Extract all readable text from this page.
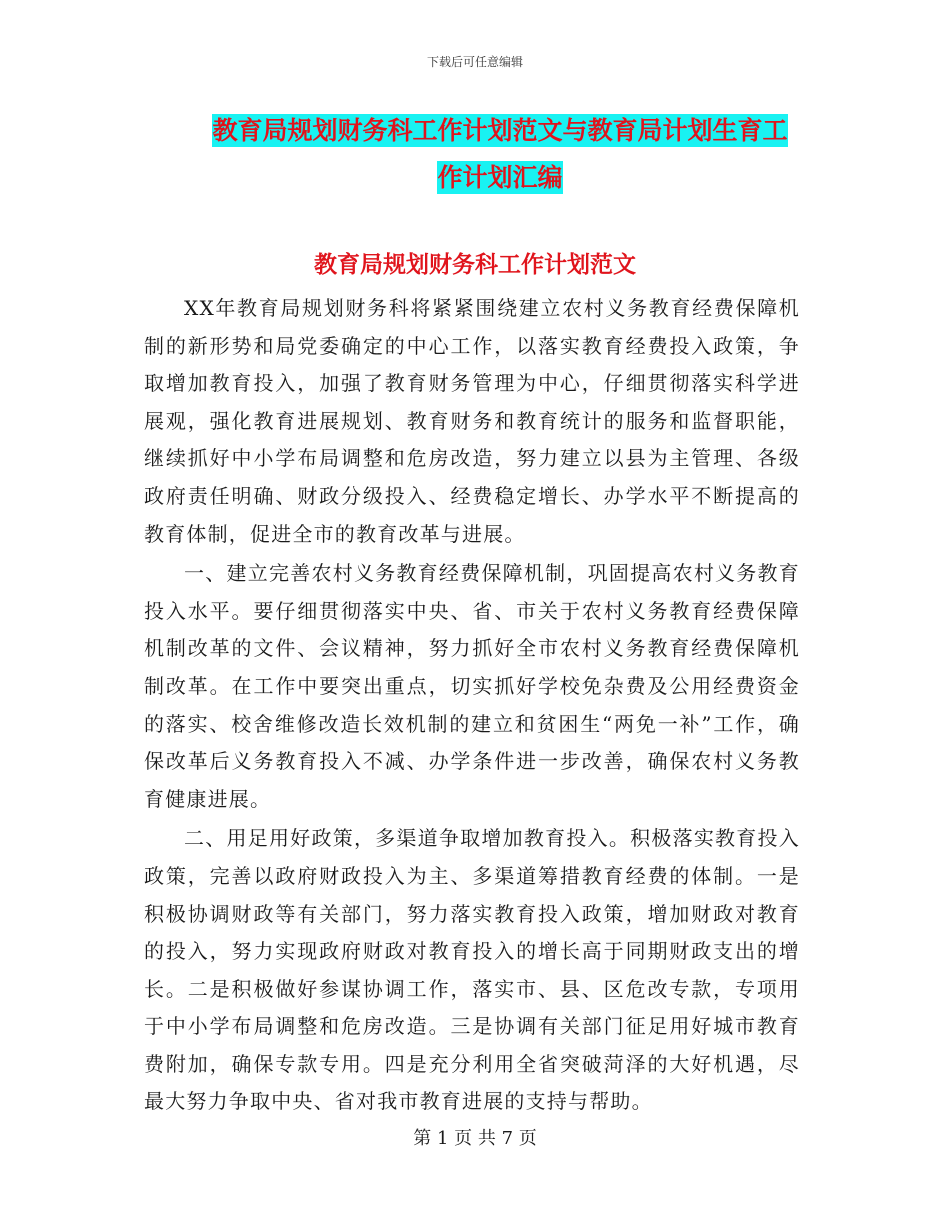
下载后可任意编辑
教育局规划财务科工作计划范文与教育局计划生育工
作计划汇编
教育局规划财务科工作计划范文

XX年教育局规划财务科将紧紧围绕建立农村义务教育经费保障机制的新形势和局党委确定的中心工作，以落实教育经费投入政策，争取增加教育投入，加强了教育财务管理为中心，仔细贯彻落实科学进展观，强化教育进展规划、教育财务和教育统计的服务和监督职能，继续抓好中小学布局调整和危房改造，努力建立以县为主管理、各级政府责任明确、财政分级投入、经费稳定增长、办学水平不断提高的教育体制，促进全市的教育改革与进展。

一、建立完善农村义务教育经费保障机制，巩固提高农村义务教育投入水平。要仔细贯彻落实中央、省、市关于农村义务教育经费保障机制改革的文件、会议精神，努力抓好全市农村义务教育经费保障机制改革。在工作中要突出重点，切实抓好学校免杂费及公用经费资金的落实、校舍维修改造长效机制的建立和贫困生“两免一补”工作，确保改革后义务教育投入不减、办学条件进一步改善，确保农村义务教育健康进展。

二、用足用好政策，多渠道争取增加教育投入。积极落实教育投入政策，完善以政府财政投入为主、多渠道筹措教育经费的体制。一是积极协调财政等有关部门，努力落实教育投入政策，增加财政对教育的投入，努力实现政府财政对教育投入的增长高于同期财政支出的增长。二是积极做好参谋协调工作，落实市、县、区危改专款，专项用于中小学布局调整和危房改造。三是协调有关部门征足用好城市教育费附加，确保专款专用。四是充分利用全省突破菏泽的大好机遇，尽最大努力争取中央、省对我市教育进展的支持与帮助。

第 1 页 共 7 页
